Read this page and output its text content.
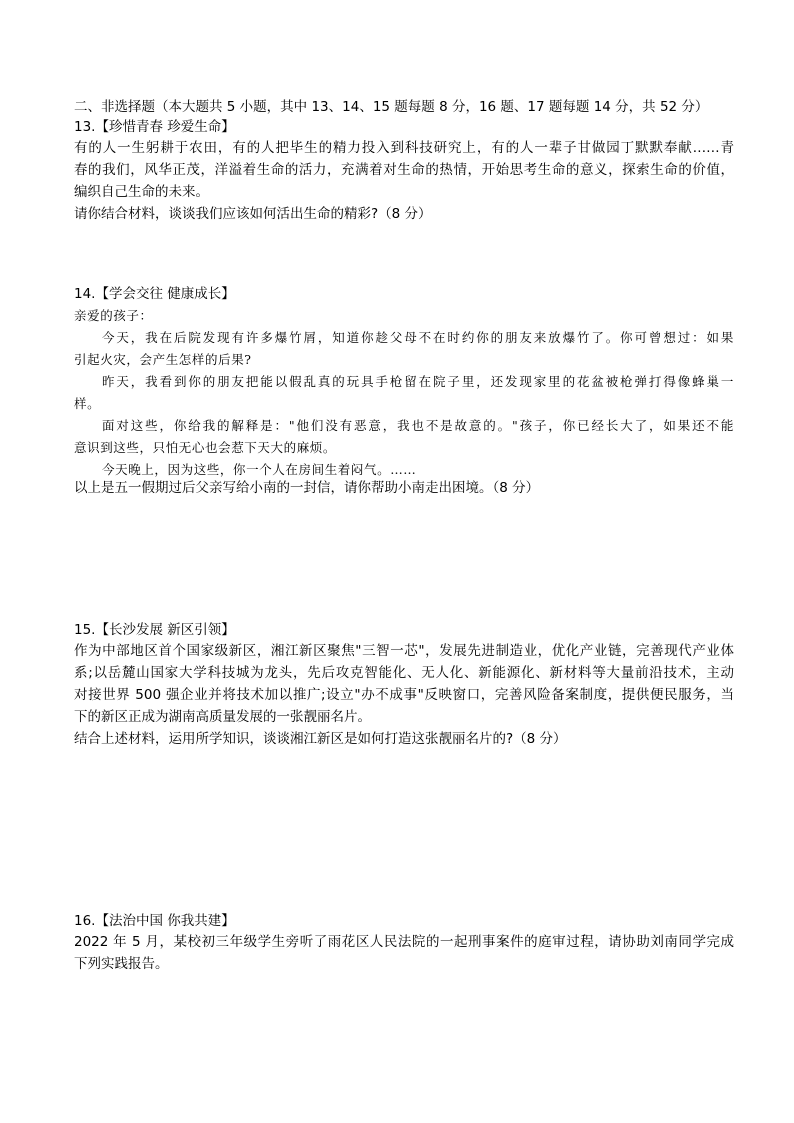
二、非选择题（本大题共 5 小题，其中 13、14、15 题每题 8 分，16 题、17 题每题 14 分，共 52 分）
13.【珍惜青春 珍爱生命】
有的人一生躬耕于农田，有的人把毕生的精力投入到科技研究上，有的人一辈子甘做园丁默默奉献……青
春的我们，风华正茂，洋溢着生命的活力，充满着对生命的热情，开始思考生命的意义，探索生命的价值，
编织自己生命的未来。
请你结合材料，谈谈我们应该如何活出生命的精彩?（8 分）
14.【学会交往 健康成长】
亲爱的孩子：
今天，我在后院发现有许多爆竹屑，知道你趁父母不在时约你的朋友来放爆竹了。你可曾想过：如果
引起火灾，会产生怎样的后果?
昨天，我看到你的朋友把能以假乱真的玩具手枪留在院子里，还发现家里的花盆被枪弹打得像蜂巢一
样。
面对这些，你给我的解释是："他们没有恶意，我也不是故意的。"孩子，你已经长大了，如果还不能
意识到这些，只怕无心也会惹下天大的麻烦。
今天晚上，因为这些，你一个人在房间生着闷气。……
以上是五一假期过后父亲写给小南的一封信，请你帮助小南走出困境。（8 分）
15.【长沙发展 新区引领】
作为中部地区首个国家级新区，湘江新区聚焦"三智一芯"，发展先进制造业，优化产业链，完善现代产业体
系;以岳麓山国家大学科技城为龙头，先后攻克智能化、无人化、新能源化、新材料等大量前沿技术，主动
对接世界 500 强企业并将技术加以推广;设立"办不成事"反映窗口，完善风险备案制度，提供便民服务，当
下的新区正成为湖南高质量发展的一张靓丽名片。
结合上述材料，运用所学知识，谈谈湘江新区是如何打造这张靓丽名片的?（8 分）
16.【法治中国 你我共建】
2022 年 5 月，某校初三年级学生旁听了雨花区人民法院的一起刑事案件的庭审过程，请协助刘南同学完成
下列实践报告。
